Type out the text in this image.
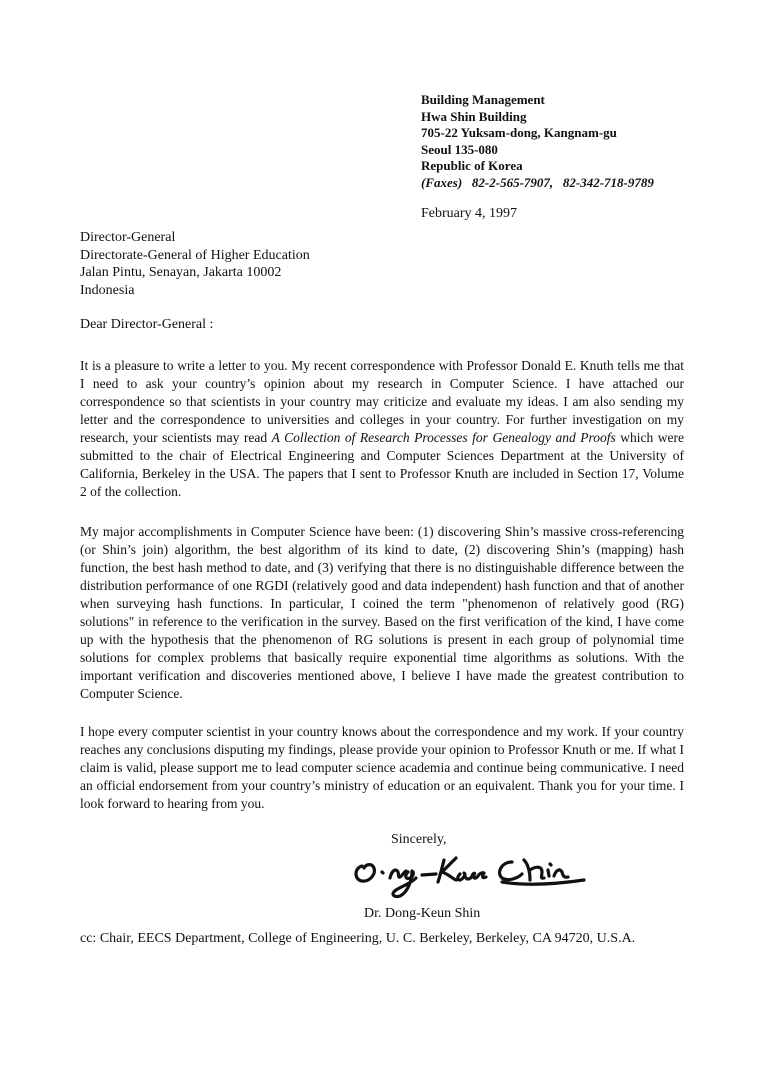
Building Management
Hwa Shin Building
705-22 Yuksam-dong, Kangnam-gu
Seoul 135-080
Republic of Korea
(Faxes)   82-2-565-7907,   82-342-718-9789
February 4, 1997
Director-General
Directorate-General of Higher Education
Jalan Pintu, Senayan, Jakarta 10002
Indonesia
Dear Director-General :
It is a pleasure to write a letter to you. My recent correspondence with Professor Donald E. Knuth tells me that I need to ask your country’s opinion about my research in Computer Science. I have attached our correspondence so that scientists in your country may criticize and evaluate my ideas. I am also sending my letter and the correspondence to universities and colleges in your country. For further investigation on my research, your scientists may read A Collection of Research Processes for Genealogy and Proofs which were submitted to the chair of Electrical Engineering and Computer Sciences Department at the University of California, Berkeley in the USA. The papers that I sent to Professor Knuth are included in Section 17, Volume 2 of the collection.
My major accomplishments in Computer Science have been: (1) discovering Shin’s massive cross-referencing (or Shin’s join) algorithm, the best algorithm of its kind to date, (2) discovering Shin’s (mapping) hash function, the best hash method to date, and (3) verifying that there is no distinguishable difference between the distribution performance of one RGDI (relatively good and data independent) hash function and that of another when surveying hash functions. In particular, I coined the term "phenomenon of relatively good (RG) solutions" in reference to the verification in the survey. Based on the first verification of the kind, I have come up with the hypothesis that the phenomenon of RG solutions is present in each group of polynomial time solutions for complex problems that basically require exponential time algorithms as solutions. With the important verification and discoveries mentioned above, I believe I have made the greatest contribution to Computer Science.
I hope every computer scientist in your country knows about the correspondence and my work. If your country reaches any conclusions disputing my findings, please provide your opinion to Professor Knuth or me. If what I claim is valid, please support me to lead computer science academia and continue being communicative. I need an official endorsement from your country’s ministry of education or an equivalent. Thank you for your time. I look forward to hearing from you.
Sincerely,
Dr. Dong-Keun Shin
cc: Chair, EECS Department, College of Engineering, U. C. Berkeley, Berkeley, CA 94720, U.S.A.
